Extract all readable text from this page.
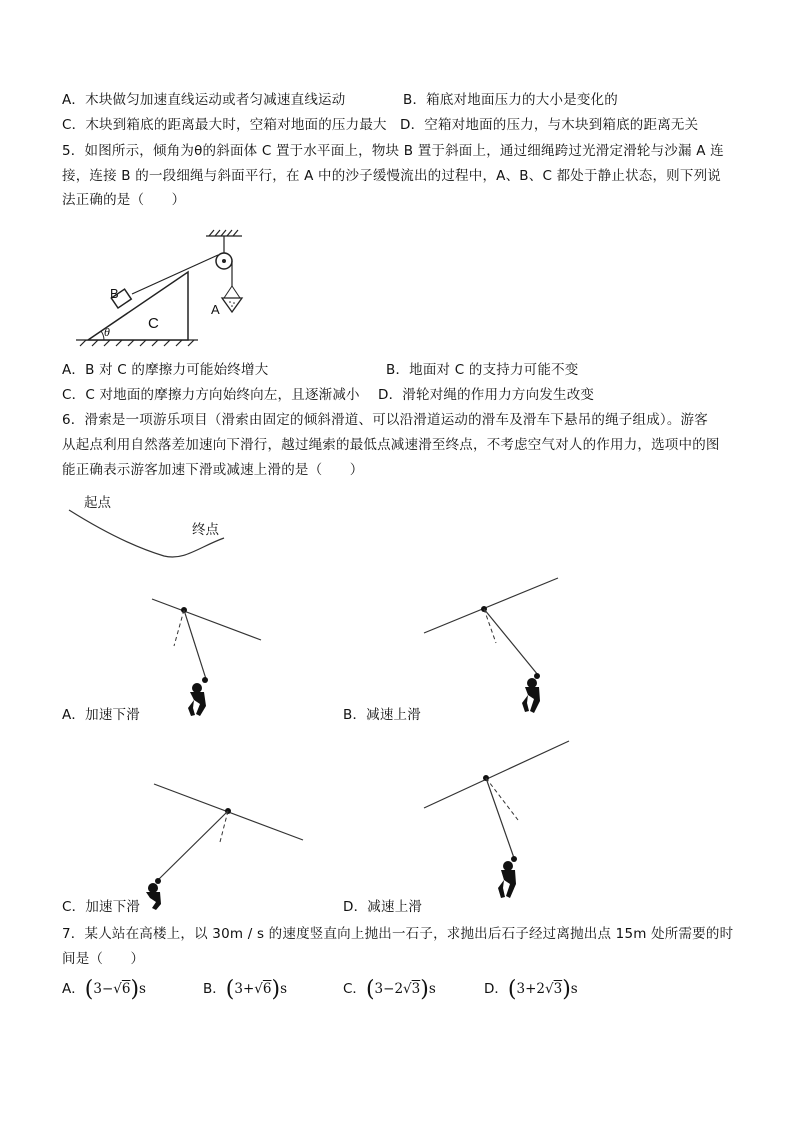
A．木块做匀加速直线运动或者匀减速直线运动	B．箱底对地面压力的大小是变化的
C．木块到箱底的距离最大时，空箱对地面的压力最大 D．空箱对地面的压力，与木块到箱底的距离无关
5．如图所示，倾角为θ的斜面体 C 置于水平面上，物块 B 置于斜面上，通过细绳跨过光滑定滑轮与沙漏 A 连
接，连接 B 的一段细绳与斜面平行，在 A 中的沙子缓慢流出的过程中，A、B、C 都处于静止状态，则下列说
法正确的是（　　）
B
C
A
θ
A．B 对 C 的摩擦力可能始终增大	B．地面对 C 的支持力可能不变
C．C 对地面的摩擦力方向始终向左，且逐渐减小 D．滑轮对绳的作用力方向发生改变
6．滑索是一项游乐项目（滑索由固定的倾斜滑道、可以沿滑道运动的滑车及滑车下悬吊的绳子组成）。游客
从起点利用自然落差加速向下滑行，越过绳索的最低点减速滑至终点，不考虑空气对人的作用力，选项中的图
能正确表示游客加速下滑或减速上滑的是（　　）
起点
终点
A．加速下滑	B．减速上滑
C．加速下滑	D．减速上滑
7．某人站在高楼上，以 30m / s 的速度竖直向上抛出一石子，求抛出后石子经过离抛出点 15m 处所需要的时
间是（　　）
A．(3−√6)s	B．(3+√6)s	C．(3−2√3)s	D．(3+2√3)s
